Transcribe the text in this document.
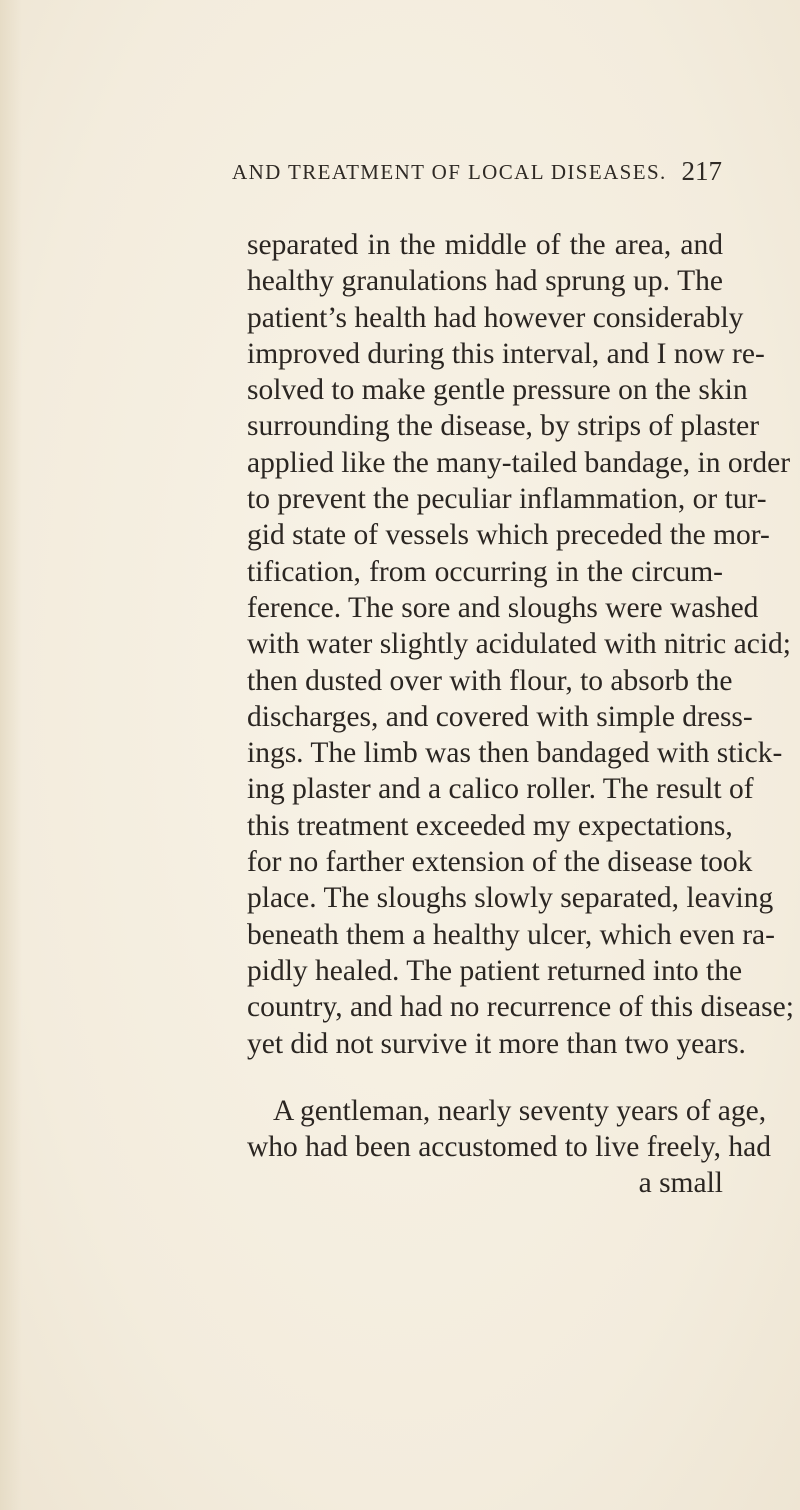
AND TREATMENT OF LOCAL DISEASES. 217
separated in the middle of the area, and
healthy granulations had sprung up. The
patient’s health had however considerably
improved during this interval, and I now re-
solved to make gentle pressure on the skin
surrounding the disease, by strips of plaster
applied like the many-tailed bandage, in order
to prevent the peculiar inflammation, or tur-
gid state of vessels which preceded the mor-
tification, from occurring in the circum-
ference. The sore and sloughs were washed
with water slightly acidulated with nitric acid;
then dusted over with flour, to absorb the
discharges, and covered with simple dress-
ings. The limb was then bandaged with stick-
ing plaster and a calico roller. The result of
this treatment exceeded my expectations,
for no farther extension of the disease took
place. The sloughs slowly separated, leaving
beneath them a healthy ulcer, which even ra-
pidly healed. The patient returned into the
country, and had no recurrence of this disease;
yet did not survive it more than two years.
A gentleman, nearly seventy years of age,
who had been accustomed to live freely, had
a small
